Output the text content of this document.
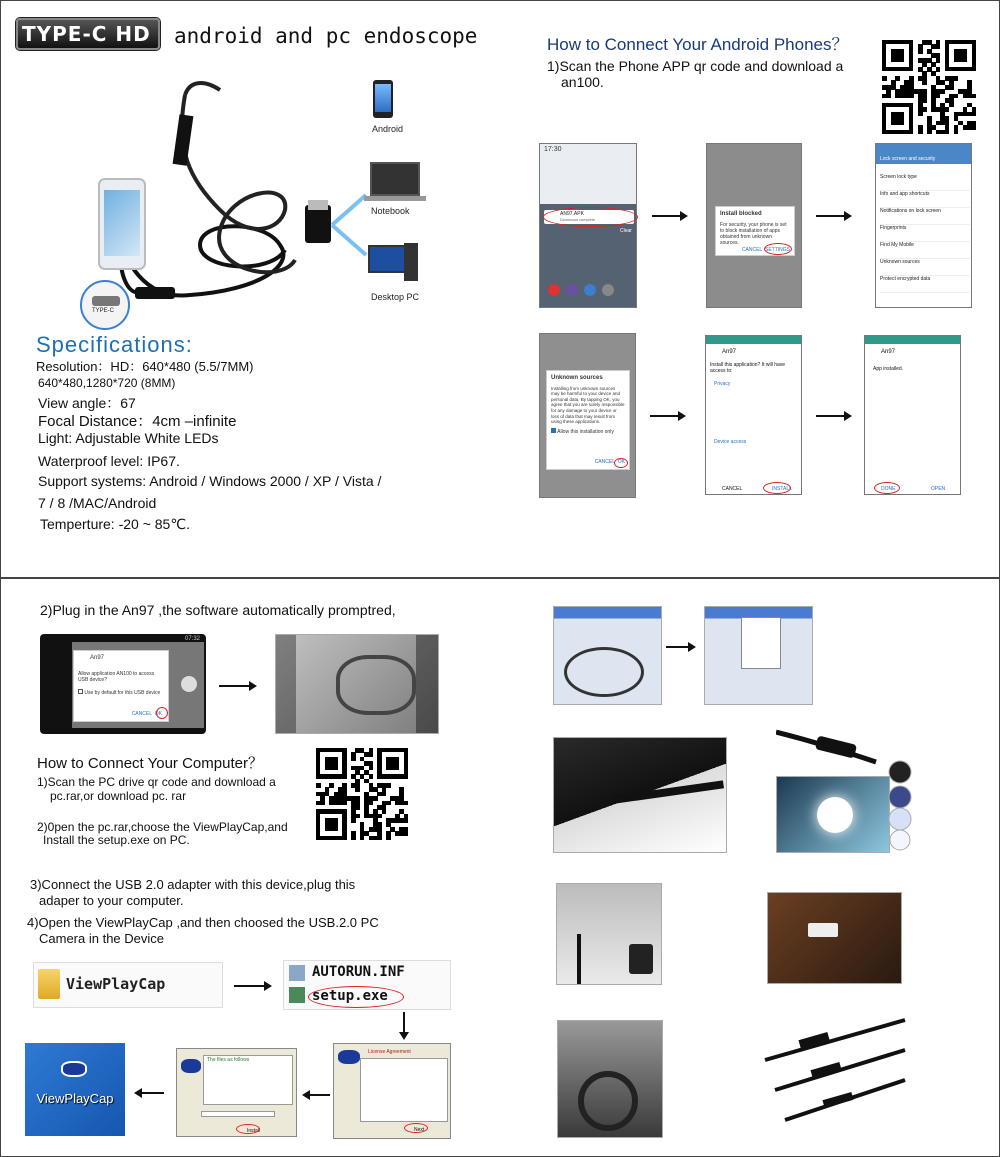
TYPE-C HD android and pc endoscope
TYPE-C
Android
Notebook
Desktop PC
Specifications:
Resolution：HD：640*480 (5.5/7MM)
640*480,1280*720 (8MM)
View angle：67
Focal Distance：4cm –infinite
Light: Adjustable White LEDs
Waterproof level: IP67.
Support systems: Android / Windows 2000 / XP / Vista /
7 / 8 /MAC/Android
Temperture: -20 ~ 85℃.
How to Connect Your Android Phones？
1)Scan the Phone APP qr code and download a
an100.
17:30
AN97.APK
Download complete
Clear
Install blocked
For security, your phone is set to block installation of apps obtained from unknown sources.
CANCEL SETTINGS
Lock screen and security
Screen lock type
Info and app shortcuts
Notifications on lock screen
Fingerprints
Find My Mobile
Unknown sources
Protect encrypted data
Unknown sources
Installing from unknown sources may be harmful to your device and personal data. By tapping OK, you agree that you are solely responsible for any damage to your device or loss of data that may result from using these applications.
Allow this installation only
CANCEL OK
An97
Install this application? It will have access to:
Privacy
Device access
CANCEL	INSTALL
An97
App installed.
DONE	OPEN
2)Plug in the An97 ,the software automatically promptred,
07:32
An97
Allow application AN100 to access USB device?
Use by default for this USB device
CANCEL OK
How to Connect Your Computer？
1)Scan the PC drive qr code and download a
pc.rar,or download pc. rar
2)0pen the pc.rar,choose the ViewPlayCap,and
Install the setup.exe on PC.
3)Connect the USB 2.0 adapter with this device,plug this
adaper to your computer.
4)Open the ViewPlayCap ,and then choosed the USB.2.0 PC
Camera in the Device
ViewPlayCap
AUTORUN.INF
setup.exe
License Agreement
Next
The files as follows
Install
ViewPlayCap
